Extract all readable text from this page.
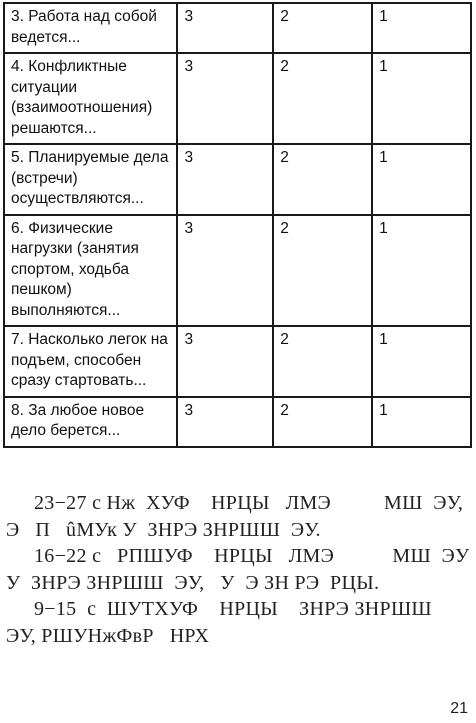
3. Работа над собой ведется...	3	2	1
4. Конфликтные ситуации (взаимоотношения) решаются...	3	2	1
5. Планируемые дела (встречи) осуществляются...	3	2	1
6. Физические нагрузки (занятия спортом, ходьба пешком) выполняются...	3	2	1
7. Насколько легок на подъем, способен сразу стартовать...	3	2	1
8. За любое новое дело берется...	3	2	1

23−27 с Нж  ХУФ    НРЦЫ   ЛМЭ          МШ  ЭУ, Э   П   ûМУк У  ЗНРЭ ЗНРШШ  ЭУ.

16−22 с   РПШУФ    НРЦЫ   ЛМЭ           МШ  ЭУ У  ЗНРЭ ЗНРШШ  ЭУ,   У  Э ЗН РЭ  РЦЫ.

9−15  с  ШУТХУФ    НРЦЫ    ЗНРЭ ЗНРШШ  ЭУ, РШУНжФвР   НРХ

21
